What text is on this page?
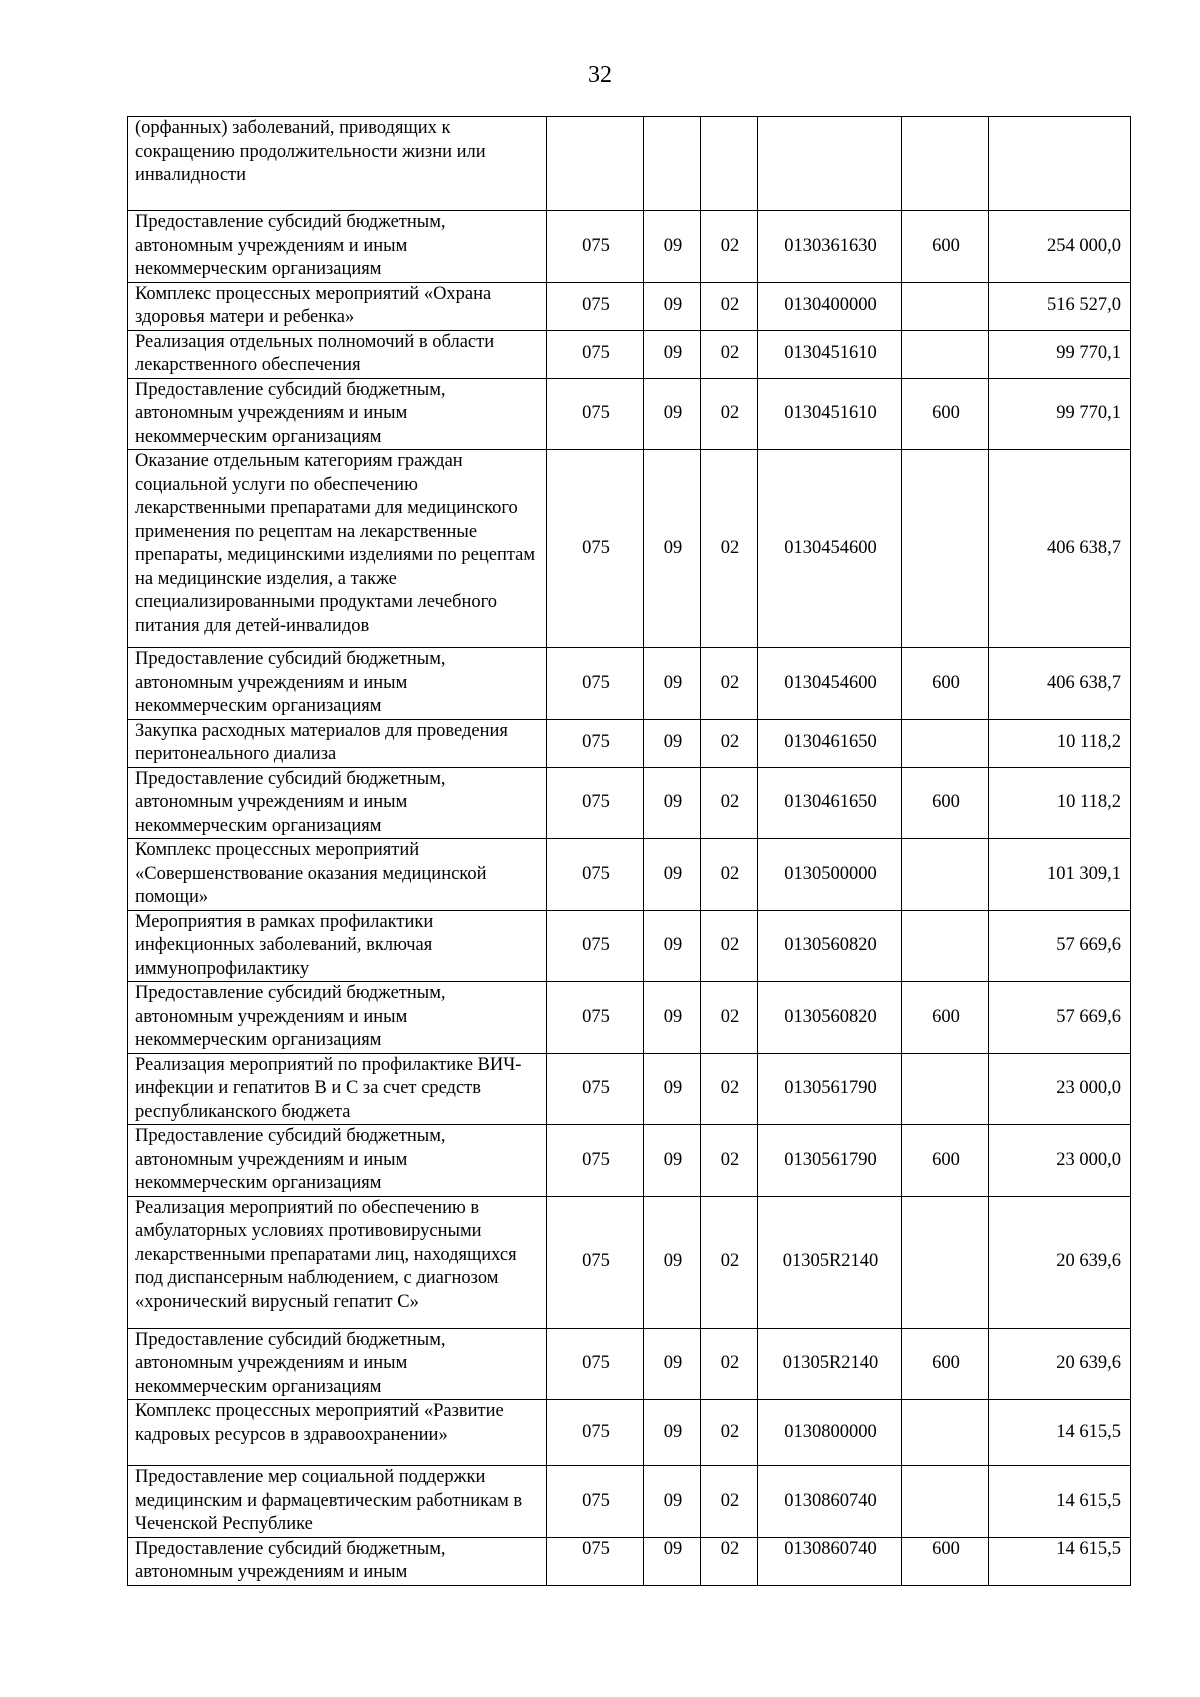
32
(орфанных) заболеваний, приводящих к сокращению продолжительности жизни или инвалидности						
Предоставление субсидий бюджетным, автономным учреждениям и иным некоммерческим организациям	075	09	02	0130361630	600	254 000,0
Комплекс процессных мероприятий «Охрана здоровья матери и ребенка»	075	09	02	0130400000		516 527,0
Реализация отдельных полномочий в области лекарственного обеспечения	075	09	02	0130451610		99 770,1
Предоставление субсидий бюджетным, автономным учреждениям и иным некоммерческим организациям	075	09	02	0130451610	600	99 770,1
Оказание отдельным категориям граждан социальной услуги по обеспечению лекарственными препаратами для медицинского применения по рецептам на лекарственные препараты, медицинскими изделиями по рецептам на медицинские изделия, а также специализированными продуктами лечебного питания для детей-инвалидов	075	09	02	0130454600		406 638,7
Предоставление субсидий бюджетным, автономным учреждениям и иным некоммерческим организациям	075	09	02	0130454600	600	406 638,7
Закупка расходных материалов для проведения перитонеального диализа	075	09	02	0130461650		10 118,2
Предоставление субсидий бюджетным, автономным учреждениям и иным некоммерческим организациям	075	09	02	0130461650	600	10 118,2
Комплекс процессных мероприятий «Совершенствование оказания медицинской помощи»	075	09	02	0130500000		101 309,1
Мероприятия в рамках профилактики инфекционных заболеваний, включая иммунопрофилактику	075	09	02	0130560820		57 669,6
Предоставление субсидий бюджетным, автономным учреждениям и иным некоммерческим организациям	075	09	02	0130560820	600	57 669,6
Реализация мероприятий по профилактике ВИЧ-инфекции и гепатитов B и C за счет средств республиканского бюджета	075	09	02	0130561790		23 000,0
Предоставление субсидий бюджетным, автономным учреждениям и иным некоммерческим организациям	075	09	02	0130561790	600	23 000,0
Реализация мероприятий по обеспечению в амбулаторных условиях противовирусными лекарственными препаратами лиц, находящихся под диспансерным наблюдением, с диагнозом «хронический вирусный гепатит C»	075	09	02	01305R2140		20 639,6
Предоставление субсидий бюджетным, автономным учреждениям и иным некоммерческим организациям	075	09	02	01305R2140	600	20 639,6
Комплекс процессных мероприятий «Развитие кадровых ресурсов в здравоохранении»	075	09	02	0130800000		14 615,5
Предоставление мер социальной поддержки медицинским и фармацевтическим работникам в Чеченской Республике	075	09	02	0130860740		14 615,5
Предоставление субсидий бюджетным, автономным учреждениям и иным	075	09	02	0130860740	600	14 615,5
